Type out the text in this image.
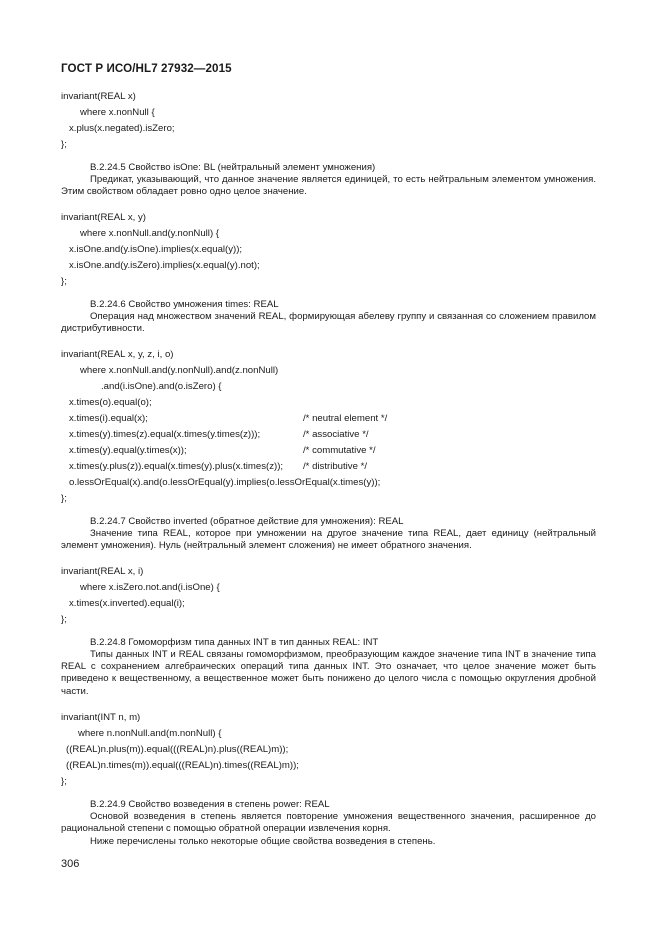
ГОСТ Р ИСО/HL7 27932—2015
invariant(REAL x)
where x.nonNull {
x.plus(x.negated).isZero;
};
B.2.24.5 Свойство isOne: BL (нейтральный элемент умножения)
Предикат, указывающий, что данное значение является единицей, то есть нейтральным элементом умножения. Этим свойством обладает ровно одно целое значение.
invariant(REAL x, y)
where x.nonNull.and(y.nonNull) {
x.isOne.and(y.isOne).implies(x.equal(y));
x.isOne.and(y.isZero).implies(x.equal(y).not);
};
B.2.24.6 Свойство умножения times: REAL
Операция над множеством значений REAL, формирующая абелеву группу и связанная со сложением правилом дистрибутивности.
invariant(REAL x, y, z, i, o)
where x.nonNull.and(y.nonNull).and(z.nonNull)
.and(i.isOne).and(o.isZero) {
x.times(o).equal(o);
x.times(i).equal(x);
x.times(y).times(z).equal(x.times(y.times(z)));
x.times(y).equal(y.times(x));
x.times(y.plus(z)).equal(x.times(y).plus(x.times(z));
o.lessOrEqual(x).and(o.lessOrEqual(y).implies(o.lessOrEqual(x.times(y));
};
/* neutral element */
/* associative */
/* commutative */
/* distributive */
B.2.24.7 Свойство inverted (обратное действие для умножения): REAL
Значение типа REAL, которое при умножении на другое значение типа REAL, дает единицу (нейтральный элемент умножения). Нуль (нейтральный элемент сложения) не имеет обратного значения.
invariant(REAL x, i)
where x.isZero.not.and(i.isOne) {
x.times(x.inverted).equal(i);
};
B.2.24.8 Гомоморфизм типа данных INT в тип данных REAL: INT
Типы данных INT и REAL связаны гомоморфизмом, преобразующим каждое значение типа INT в значение типа REAL с сохранением алгебраических операций типа данных INT. Это означает, что целое значение может быть приведено к вещественному, а вещественное может быть понижено до целого числа с помощью округления дробной части.
invariant(INT n, m)
where n.nonNull.and(m.nonNull) {
((REAL)n.plus(m)).equal(((REAL)n).plus((REAL)m));
((REAL)n.times(m)).equal(((REAL)n).times((REAL)m));
};
B.2.24.9 Свойство возведения в степень power: REAL
Основой возведения в степень является повторение умножения вещественного значения, расширенное до рациональной степени с помощью обратной операции извлечения корня.
Ниже перечислены только некоторые общие свойства возведения в степень.
306
